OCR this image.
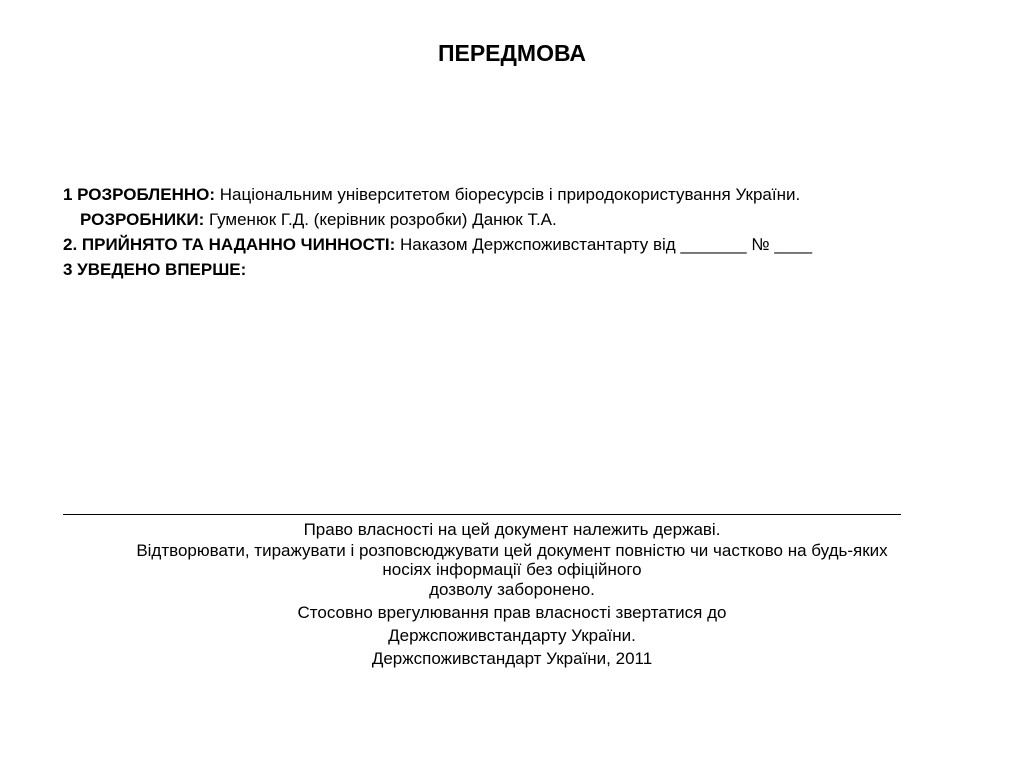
ПЕРЕДМОВА
1 РОЗРОБЛЕННО: Національним університетом біоресурсів і природокористування України.
РОЗРОБНИКИ: Гуменюк Г.Д. (керівник розробки) Данюк Т.А.
2. ПРИЙНЯТО ТА НАДАННО ЧИННОСТІ: Наказом Держспоживстантарту від _______ № ____
3 УВЕДЕНО ВПЕРШЕ:
Право власності на цей документ належить державі.
Відтворювати, тиражувати і розповсюджувати цей документ повністю чи частково на будь-яких
носіях інформації без офіційного
дозволу заборонено.
Стосовно врегулювання прав власності звертатися до
Держспоживстандарту України.
Держспоживстандарт України, 2011
